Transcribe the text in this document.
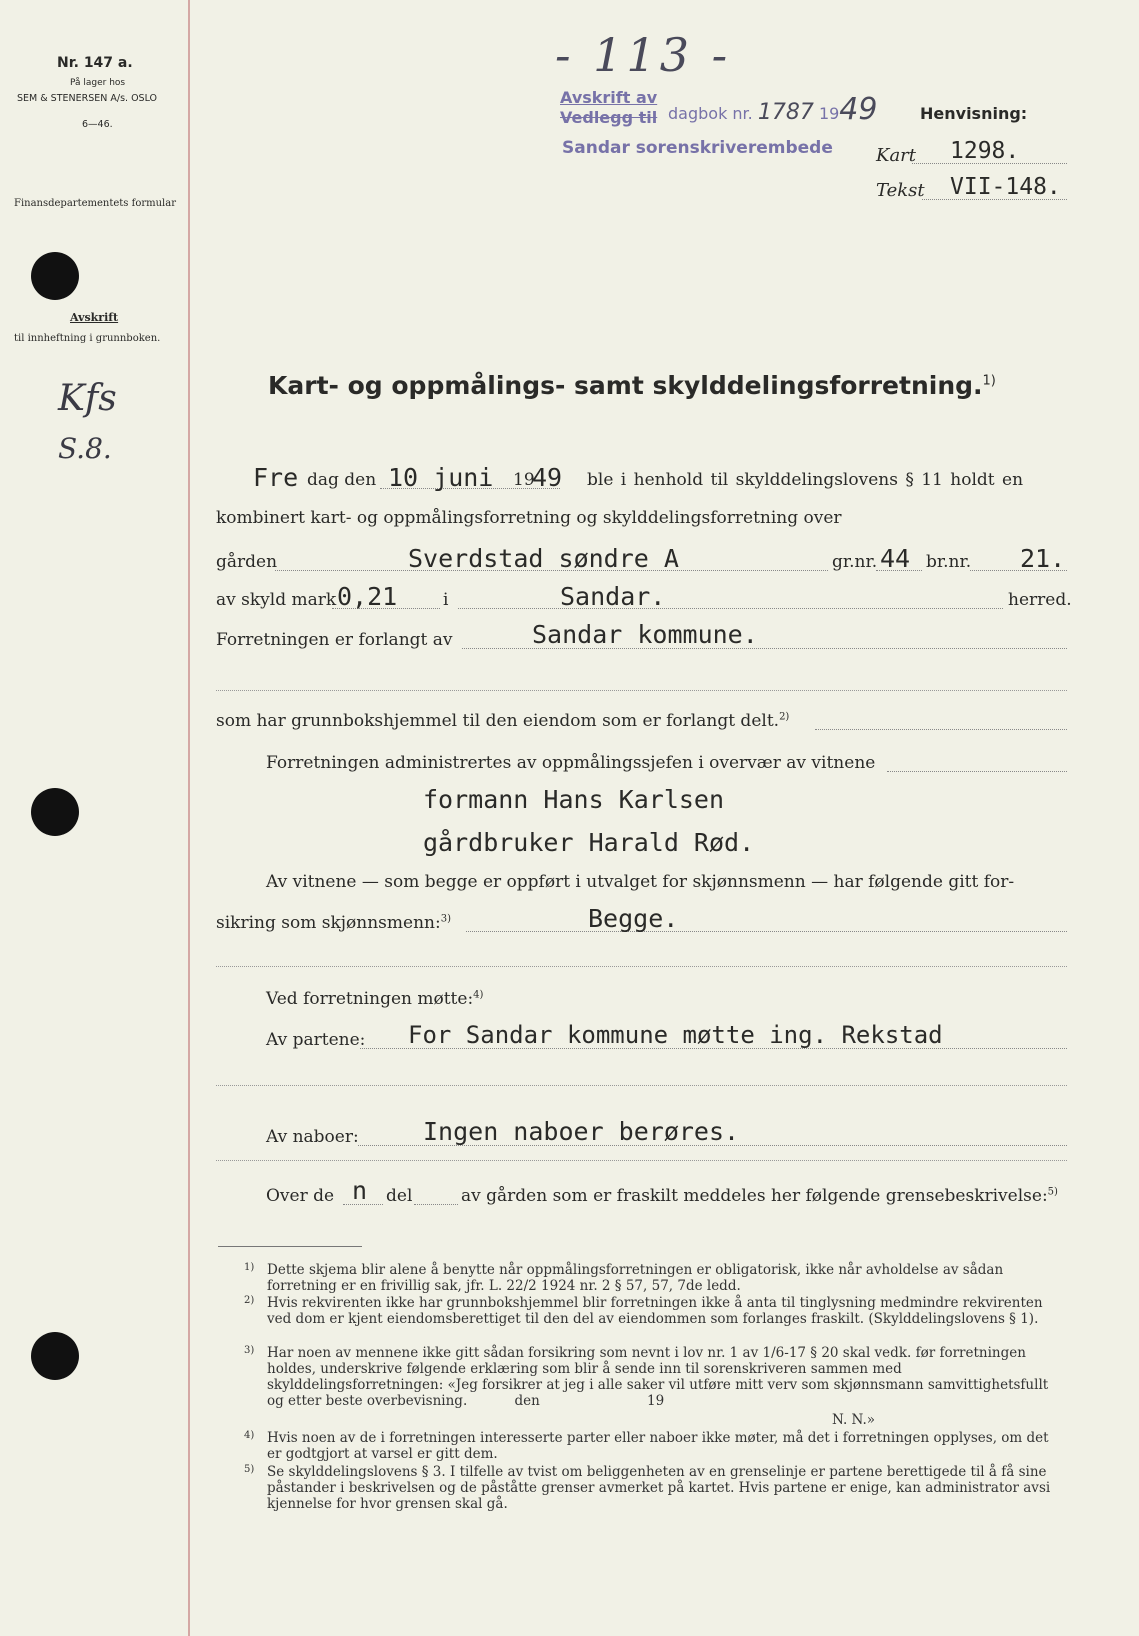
Nr. 147 a.
På lager hos
SEM & STENERSEN A/s. OSLO
6—46.
Finansdepartementets formular
Avskrift
til innheftning i grunnboken.
Kfs
S.8.
- 113 -
Avskrift av
Vedlegg til dagbok nr. 1787 1949
Sandar sorenskriverembede
Henvisning:
Kart 1298.
Tekst VII-148.
Kart- og oppmålings- samt skylddelingsforretning.$^{1)}$
Fre dag den 10 juni 19
49 ble i henhold til skylddelingslovens § 11 holdt en
kombinert kart- og oppmålingsforretning og skylddelingsforretning over
gården	Sverdstad søndre A	gr.nr. 44 br.nr. 21.
av skyld mark 0,21	i	Sandar.	herred.
Forretningen er forlangt av	Sandar kommune.
som har grunnbokshjemmel til den eiendom som er forlangt delt.$^{2)}$
Forretningen administrertes av oppmålingssjefen i overvær av vitnene
formann Hans Karlsen
gårdbruker Harald Rød.
Av vitnene — som begge er oppført i utvalget for skjønnsmenn — har følgende gitt for-
sikring som skjønnsmenn:$^{3)}$	Begge.
Ved forretningen møtte:$^{4)}$
Av partene: For Sandar kommune møtte ing. Rekstad
Av naboer:	Ingen naboer berøres.
Over de n del	av gården som er fraskilt meddeles her følgende grensebeskrivelse:$^{5)}$
1) Dette skjema blir alene å benytte når oppmålingsforretningen er obligatorisk, ikke når avholdelse av sådan forretning er en frivillig sak, jfr. L. 22/2 1924 nr. 2 § 57, 57, 7de ledd.
2) Hvis rekvirenten ikke har grunnbokshjemmel blir forretningen ikke å anta til tinglysning medmindre rekvirenten ved dom er kjent eiendomsberettiget til den del av eiendommen som forlanges fraskilt. (Skylddelingslovens § 1).
3) Har noen av mennene ikke gitt sådan forsikring som nevnt i lov nr. 1 av 1/6-17 § 20 skal vedk. før forretningen holdes, underskrive følgende erklæring som blir å sende inn til sorenskriveren sammen med skylddelingsforretningen: «Jeg forsikrer at jeg i alle saker vil utføre mitt verv som skjønnsmann samvittighetsfullt og etter beste overbevisning.           den                         19
N. N.»
4) Hvis noen av de i forretningen interesserte parter eller naboer ikke møter, må det i forretningen opplyses, om det er godtgjort at varsel er gitt dem.
5) Se skylddelingslovens § 3. I tilfelle av tvist om beliggenheten av en grenselinje er partene berettigede til å få sine påstander i beskrivelsen og de påståtte grenser avmerket på kartet. Hvis partene er enige, kan administrator avsi kjennelse for hvor grensen skal gå.
